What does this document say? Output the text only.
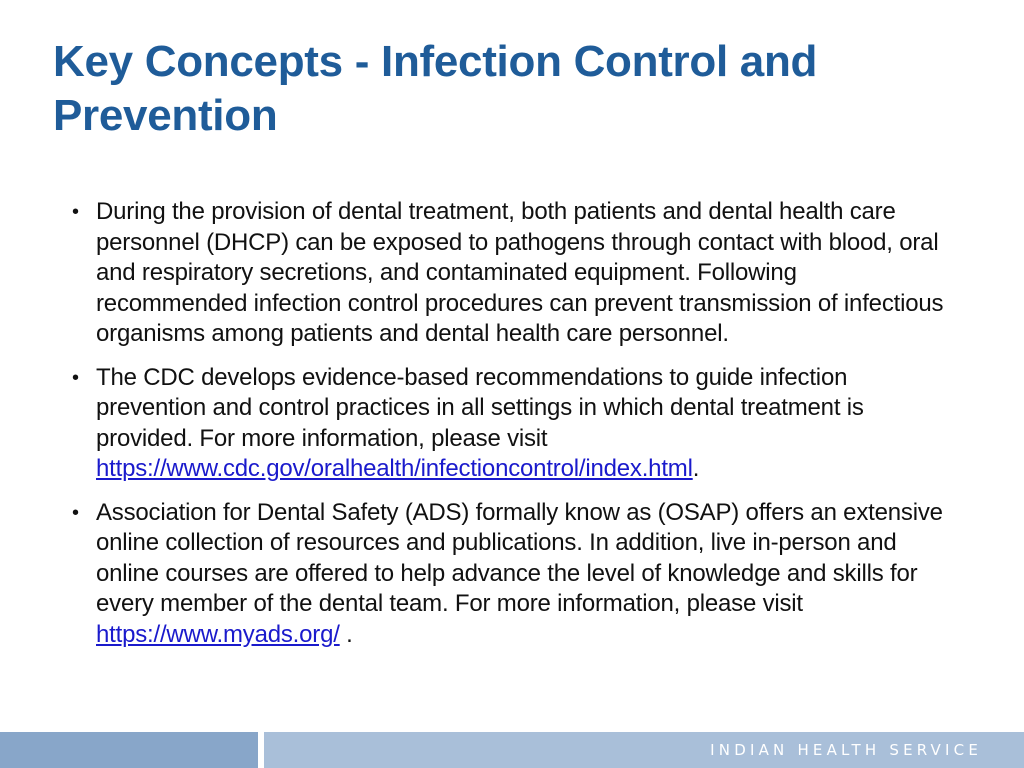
Key Concepts - Infection Control and Prevention
• During the provision of dental treatment, both patients and dental health care personnel (DHCP) can be exposed to pathogens through contact with blood, oral and respiratory secretions, and contaminated equipment. Following recommended infection control procedures can prevent transmission of infectious organisms among patients and dental health care personnel.
• The CDC develops evidence-based recommendations to guide infection prevention and control practices in all settings in which dental treatment is provided. For more information, please visit https://www.cdc.gov/oralhealth/infectioncontrol/index.html.
• Association for Dental Safety (ADS) formally know as (OSAP) offers an extensive online collection of resources and publications. In addition, live in-person and online courses are offered to help advance the level of knowledge and skills for every member of the dental team. For more information, please visit https://www.myads.org/ .
INDIAN HEALTH SERVICE
